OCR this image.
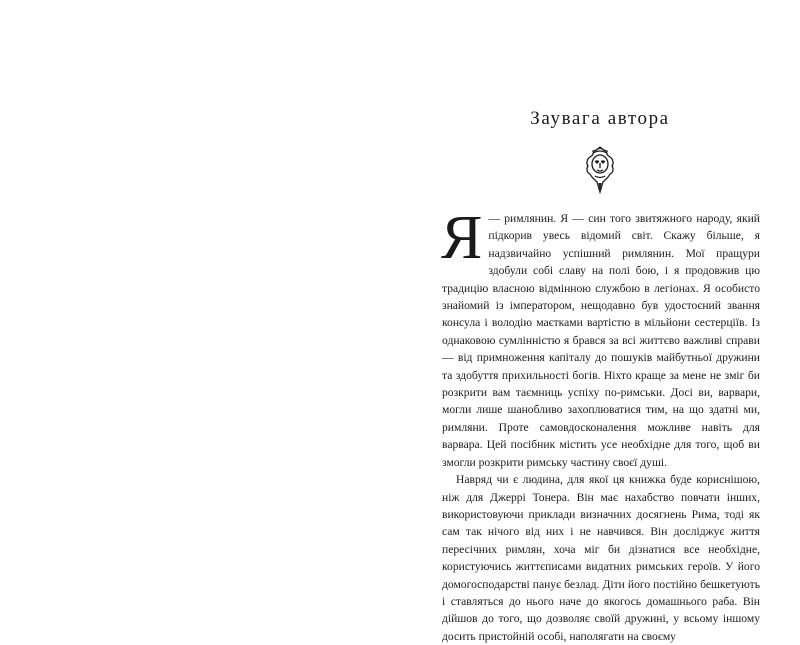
Заувага автора

Я — римлянин. Я — син того звитяжного народу, який підкорив увесь відомий світ. Скажу більше, я надзвичайно успішний римлянин. Мої пращури здобули собі славу на полі бою, і я продовжив цю традицію власною відмінною службою в легіонах. Я особисто знайомий із імператором, нещодавно був удостоєний звання консула і володію маєтками вартістю в мільйони сестерціїв. Із однаковою сумлінністю я брався за всі життєво важливі справи — від примноження капіталу до пошуків майбутньої дружини та здобуття прихильності богів. Ніхто краще за мене не зміг би розкрити вам таємниць успіху по-римськи. Досі ви, варвари, могли лише шанобливо захоплюватися тим, на що здатні ми, римляни. Проте самовдосконалення можливе навіть для варвара. Цей посібник містить усе необхідне для того, щоб ви змогли розкрити римську частину своєї душі.

Навряд чи є людина, для якої ця книжка буде кориснішою, ніж для Джеррі Тонера. Він має нахабство повчати інших, використовуючи приклади визначних досягнень Рима, тоді як сам так нічого від них і не навчився. Він досліджує життя пересічних римлян, хоча міг би дізнатися все необхідне, користуючись життєписами видатних римських героїв. У його домогосподарстві панує безлад. Діти його постійно бешкетують і ставляться до нього наче до якогось домашнього раба. Він дійшов до того, що дозволяє своїй дружині, у всьому іншому досить пристойній особі, наполягати на своєму
